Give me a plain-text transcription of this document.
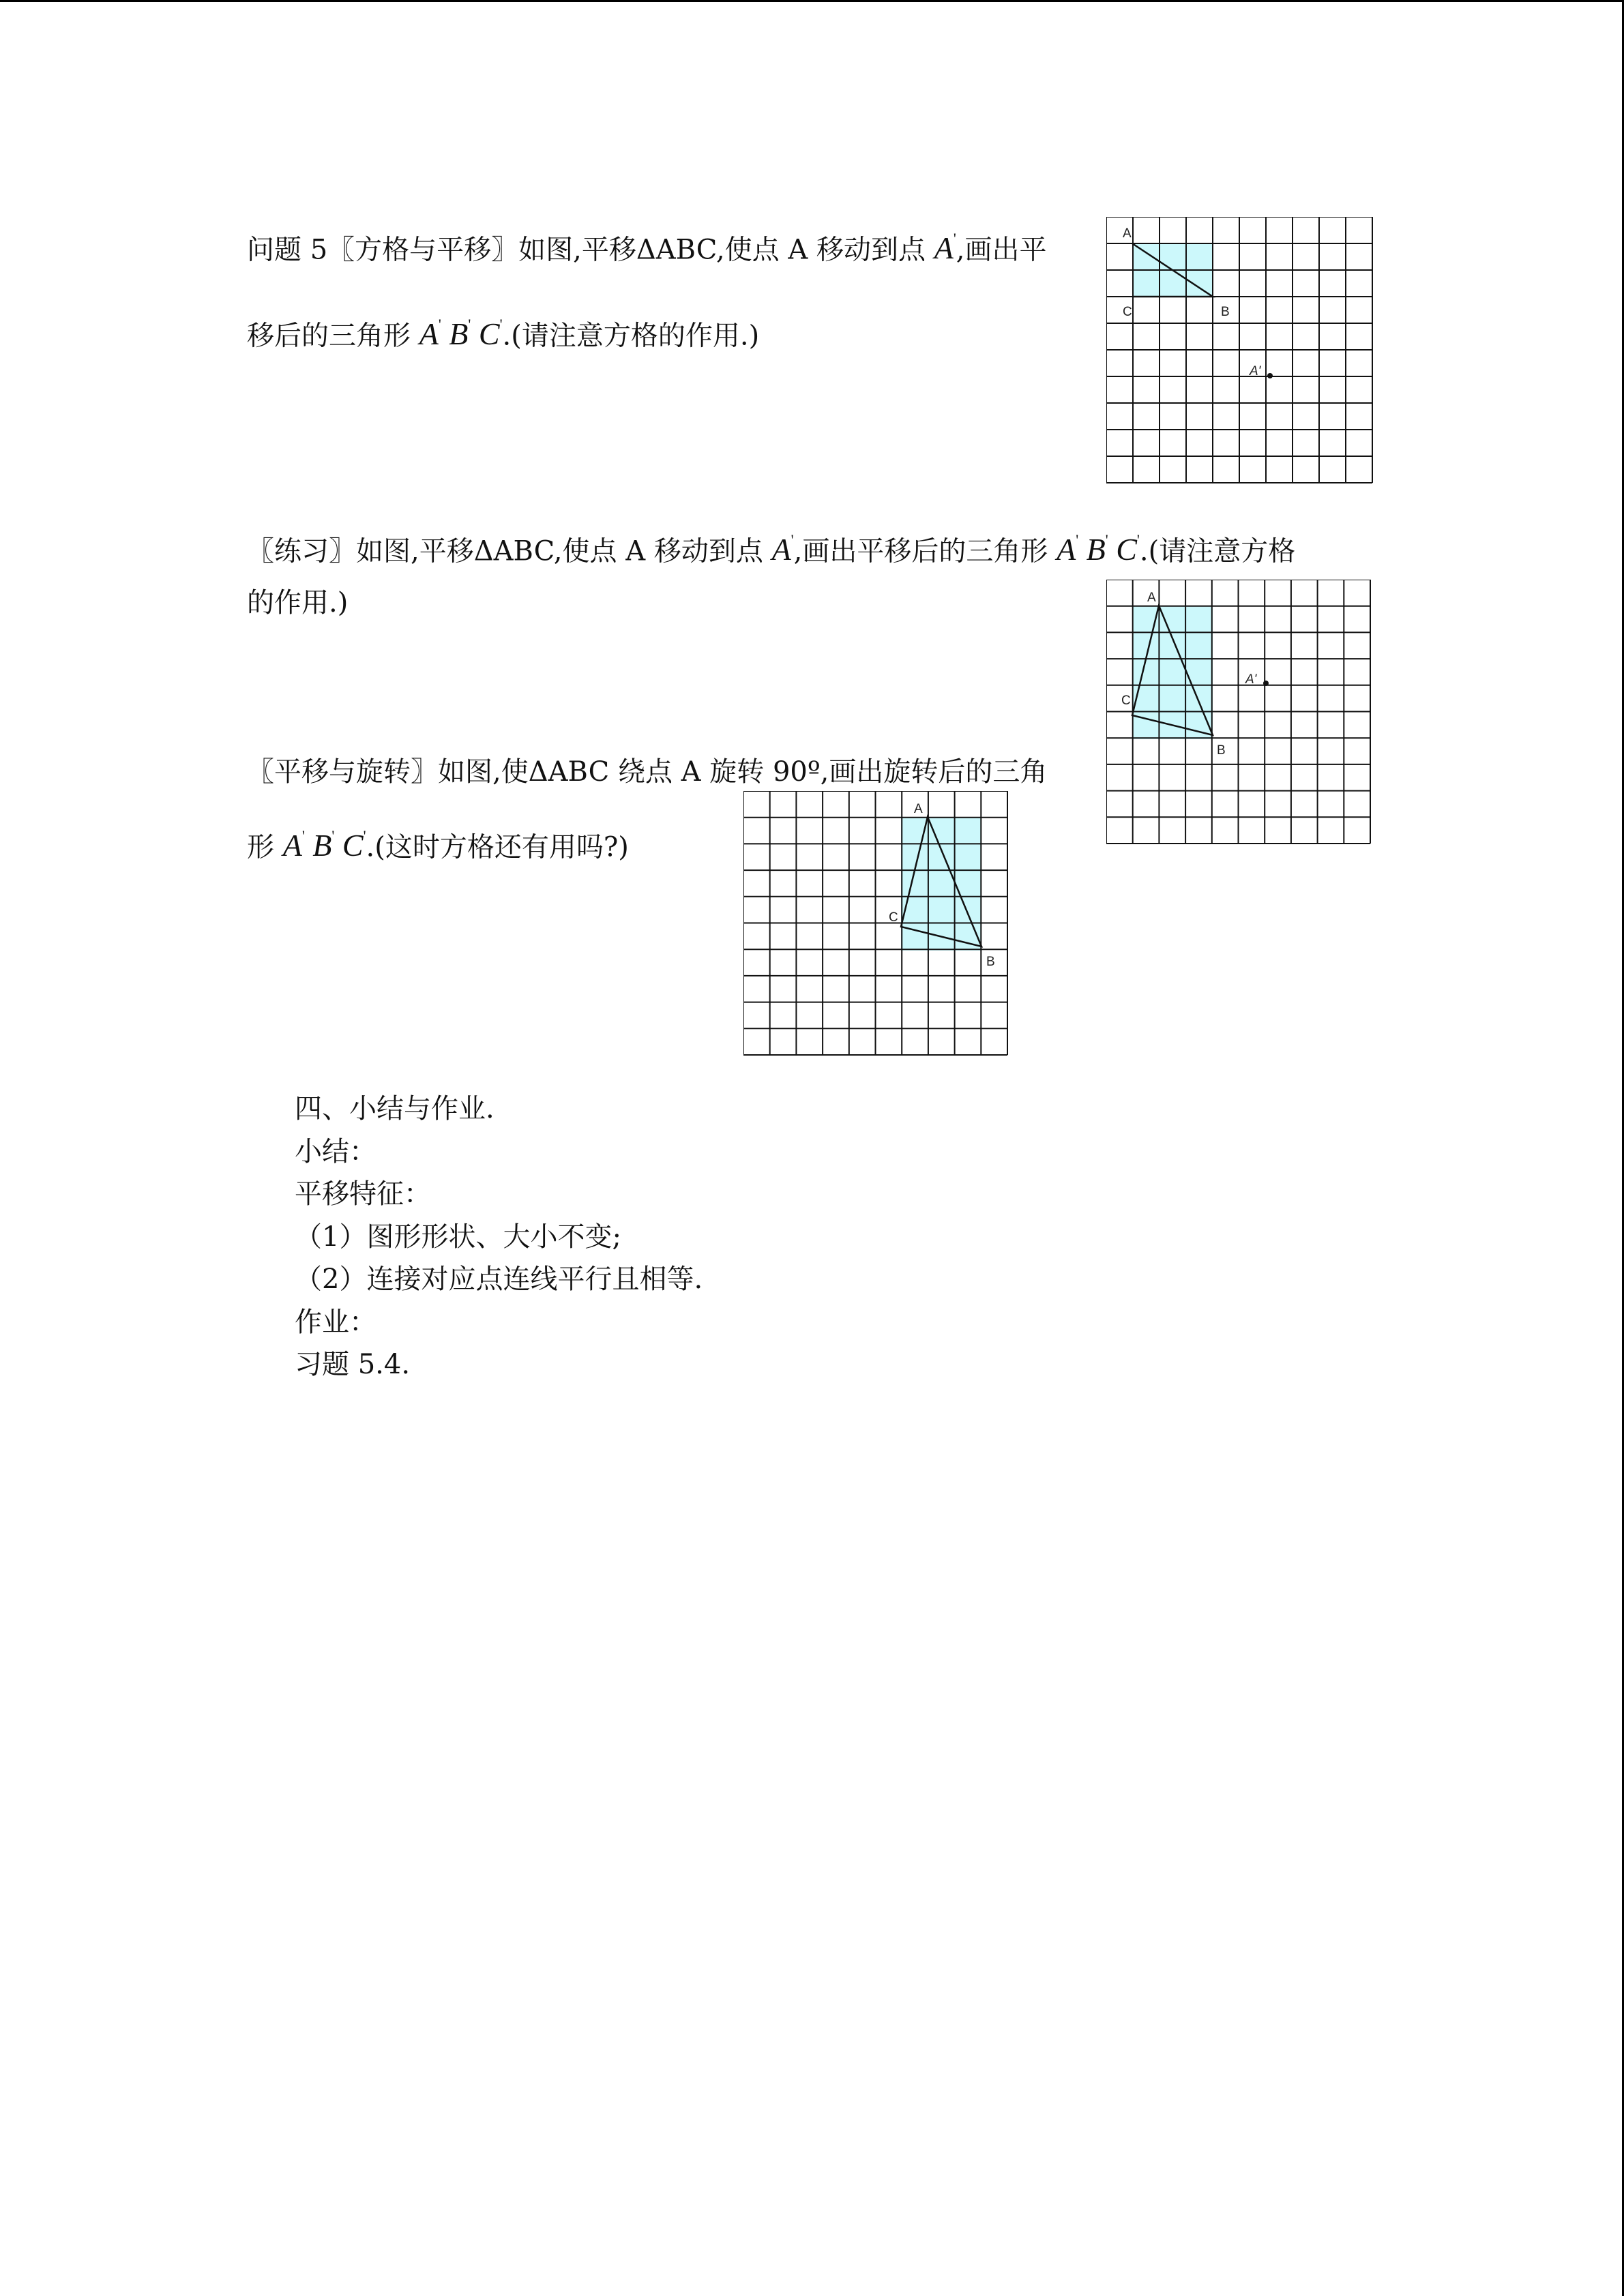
问题 5〖方格与平移〗如图,平移ΔABC,使点 A 移动到点 A',画出平
移后的三角形 A' B' C'.(请注意方格的作用.)
A
C	B
A'
〖练习〗如图,平移ΔABC,使点 A 移动到点 A',画出平移后的三角形 A' B' C'.(请注意方格
的作用.)	A
C
B
A'
〖平移与旋转〗如图,使ΔABC 绕点 A 旋转 90º,画出旋转后的三角
形 A' B' C'.(这时方格还有用吗?)
A
C
B
四、小结与作业.
小结：
平移特征：
（1）图形形状、大小不变;
（2）连接对应点连线平行且相等.
作业：
习题 5.4.
